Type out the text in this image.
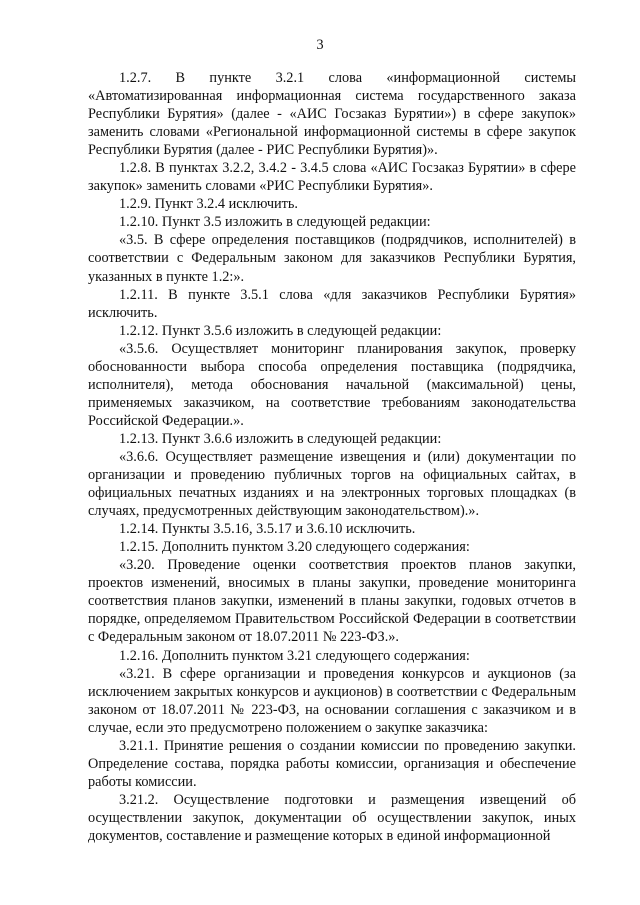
3

1.2.7. В пункте 3.2.1 слова «информационной системы «Автоматизированная информационная система государственного заказа Республики Бурятия» (далее - «АИС Госзаказ Бурятии») в сфере закупок» заменить словами «Региональной информационной системы в сфере закупок Республики Бурятия (далее - РИС Республики Бурятия)».

1.2.8. В пунктах 3.2.2, 3.4.2 - 3.4.5 слова «АИС Госзаказ Бурятии» в сфере закупок» заменить словами «РИС Республики Бурятия».

1.2.9. Пункт 3.2.4 исключить.

1.2.10. Пункт 3.5 изложить в следующей редакции:

«3.5. В сфере определения поставщиков (подрядчиков, исполнителей) в соответствии с Федеральным законом для заказчиков Республики Бурятия, указанных в пункте 1.2:».

1.2.11. В пункте 3.5.1 слова «для заказчиков Республики Бурятия» исключить.

1.2.12. Пункт 3.5.6 изложить в следующей редакции:

«3.5.6. Осуществляет мониторинг планирования закупок, проверку обоснованности выбора способа определения поставщика (подрядчика, исполнителя), метода обоснования начальной (максимальной) цены, применяемых заказчиком, на соответствие требованиям законодательства Российской Федерации.».

1.2.13. Пункт 3.6.6 изложить в следующей редакции:

«3.6.6. Осуществляет размещение извещения и (или) документации по организации и проведению публичных торгов на официальных сайтах, в официальных печатных изданиях и на электронных торговых площадках (в случаях, предусмотренных действующим законодательством).».

1.2.14. Пункты 3.5.16, 3.5.17 и 3.6.10 исключить.

1.2.15. Дополнить пунктом 3.20 следующего содержания:

«3.20. Проведение оценки соответствия проектов планов закупки, проектов изменений, вносимых в планы закупки, проведение мониторинга соответствия планов закупки, изменений в планы закупки, годовых отчетов в порядке, определяемом Правительством Российской Федерации в соответствии с Федеральным законом от 18.07.2011 № 223-ФЗ.».

1.2.16. Дополнить пунктом 3.21 следующего содержания:

«3.21. В сфере организации и проведения конкурсов и аукционов (за исключением закрытых конкурсов и аукционов) в соответствии с Федеральным законом от 18.07.2011 № 223-ФЗ, на основании соглашения с заказчиком и в случае, если это предусмотрено положением о закупке заказчика:

3.21.1. Принятие решения о создании комиссии по проведению закупки. Определение состава, порядка работы комиссии, организация и обеспечение работы комиссии.

3.21.2. Осуществление подготовки и размещения извещений об осуществлении закупок, документации об осуществлении закупок, иных документов, составление и размещение которых в единой информационной
